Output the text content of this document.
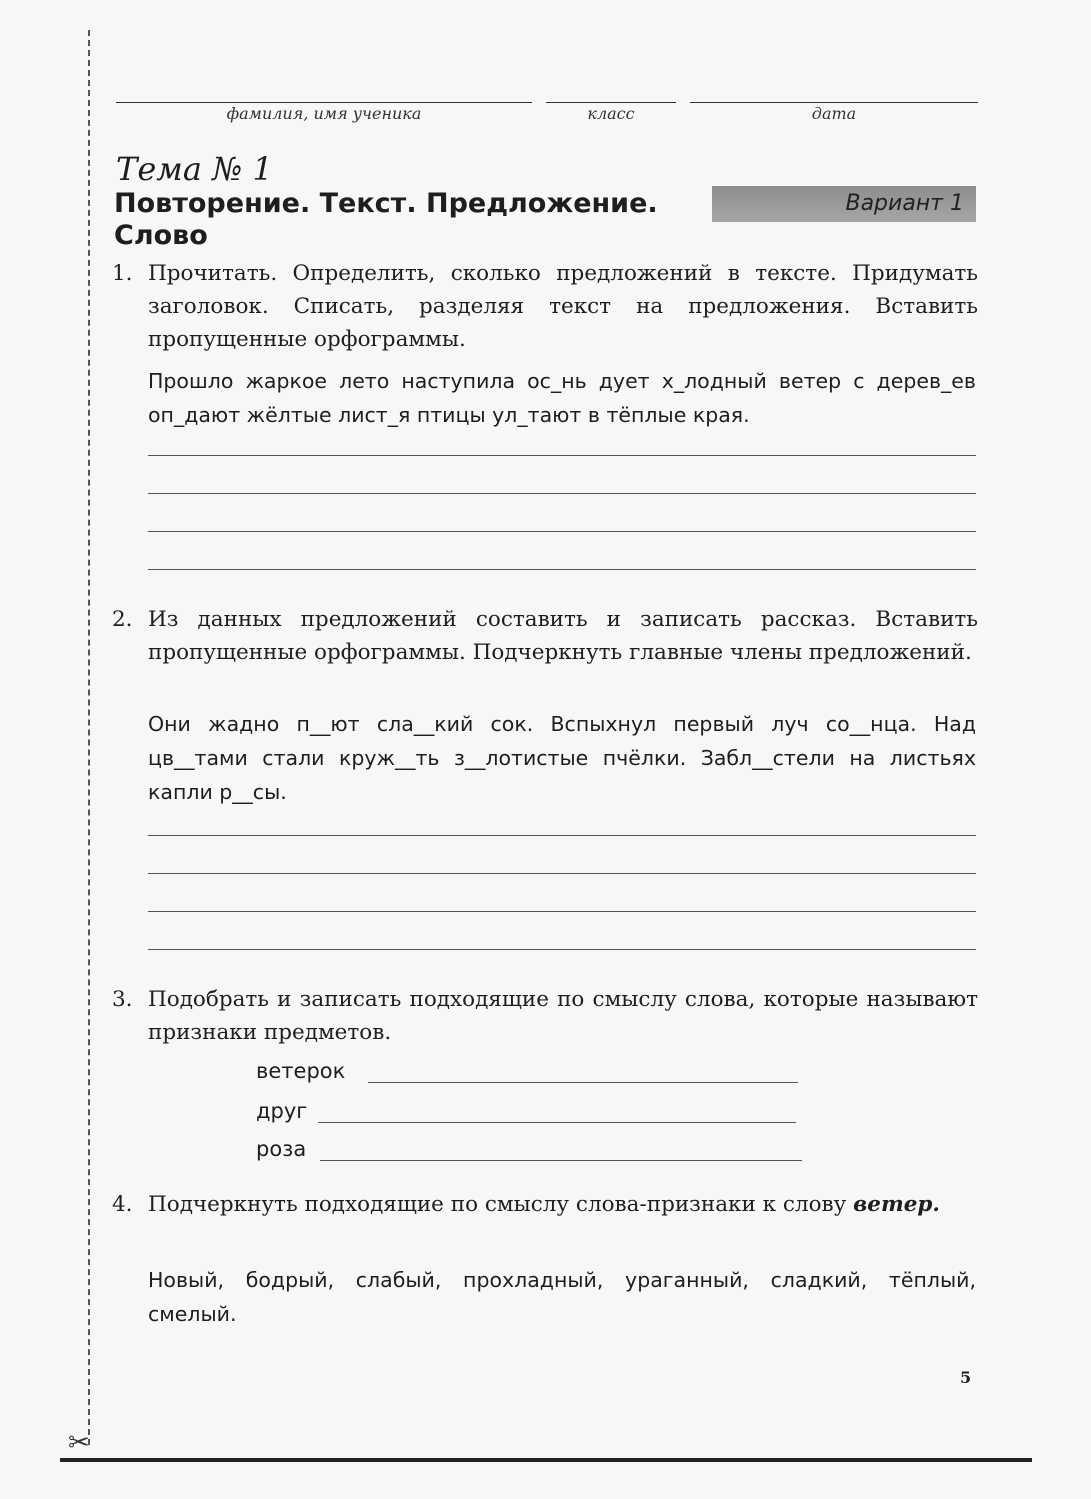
✂
фамилия, имя ученика	класс	дата
Тема № 1
Повторение. Текст. Предложение. Слово
Вариант 1
1. Прочитать. Определить, сколько предложений в тексте. Придумать заголовок. Списать, разделяя текст на предложения. Вставить пропущенные орфограммы.
Прошло жаркое лето наступила ос_нь дует х_лодный ветер с дерев_ев оп_дают жёлтые лист_я птицы ул_тают в тёплые края.
2. Из данных предложений составить и записать рассказ. Вставить пропущенные орфограммы. Подчеркнуть главные члены предложений.
Они жадно п__ют сла__кий сок. Вспыхнул первый луч со__нца. Над цв__тами стали круж__ть з__лотистые пчёлки. Забл__стели на листьях капли р__сы.
3. Подобрать и записать подходящие по смыслу слова, которые называют признаки предметов.
ветерок
друг
роза
4. Подчеркнуть подходящие по смыслу слова-признаки к слову ветер.
Новый, бодрый, слабый, прохладный, ураганный, сладкий, тёплый, смелый.
5
